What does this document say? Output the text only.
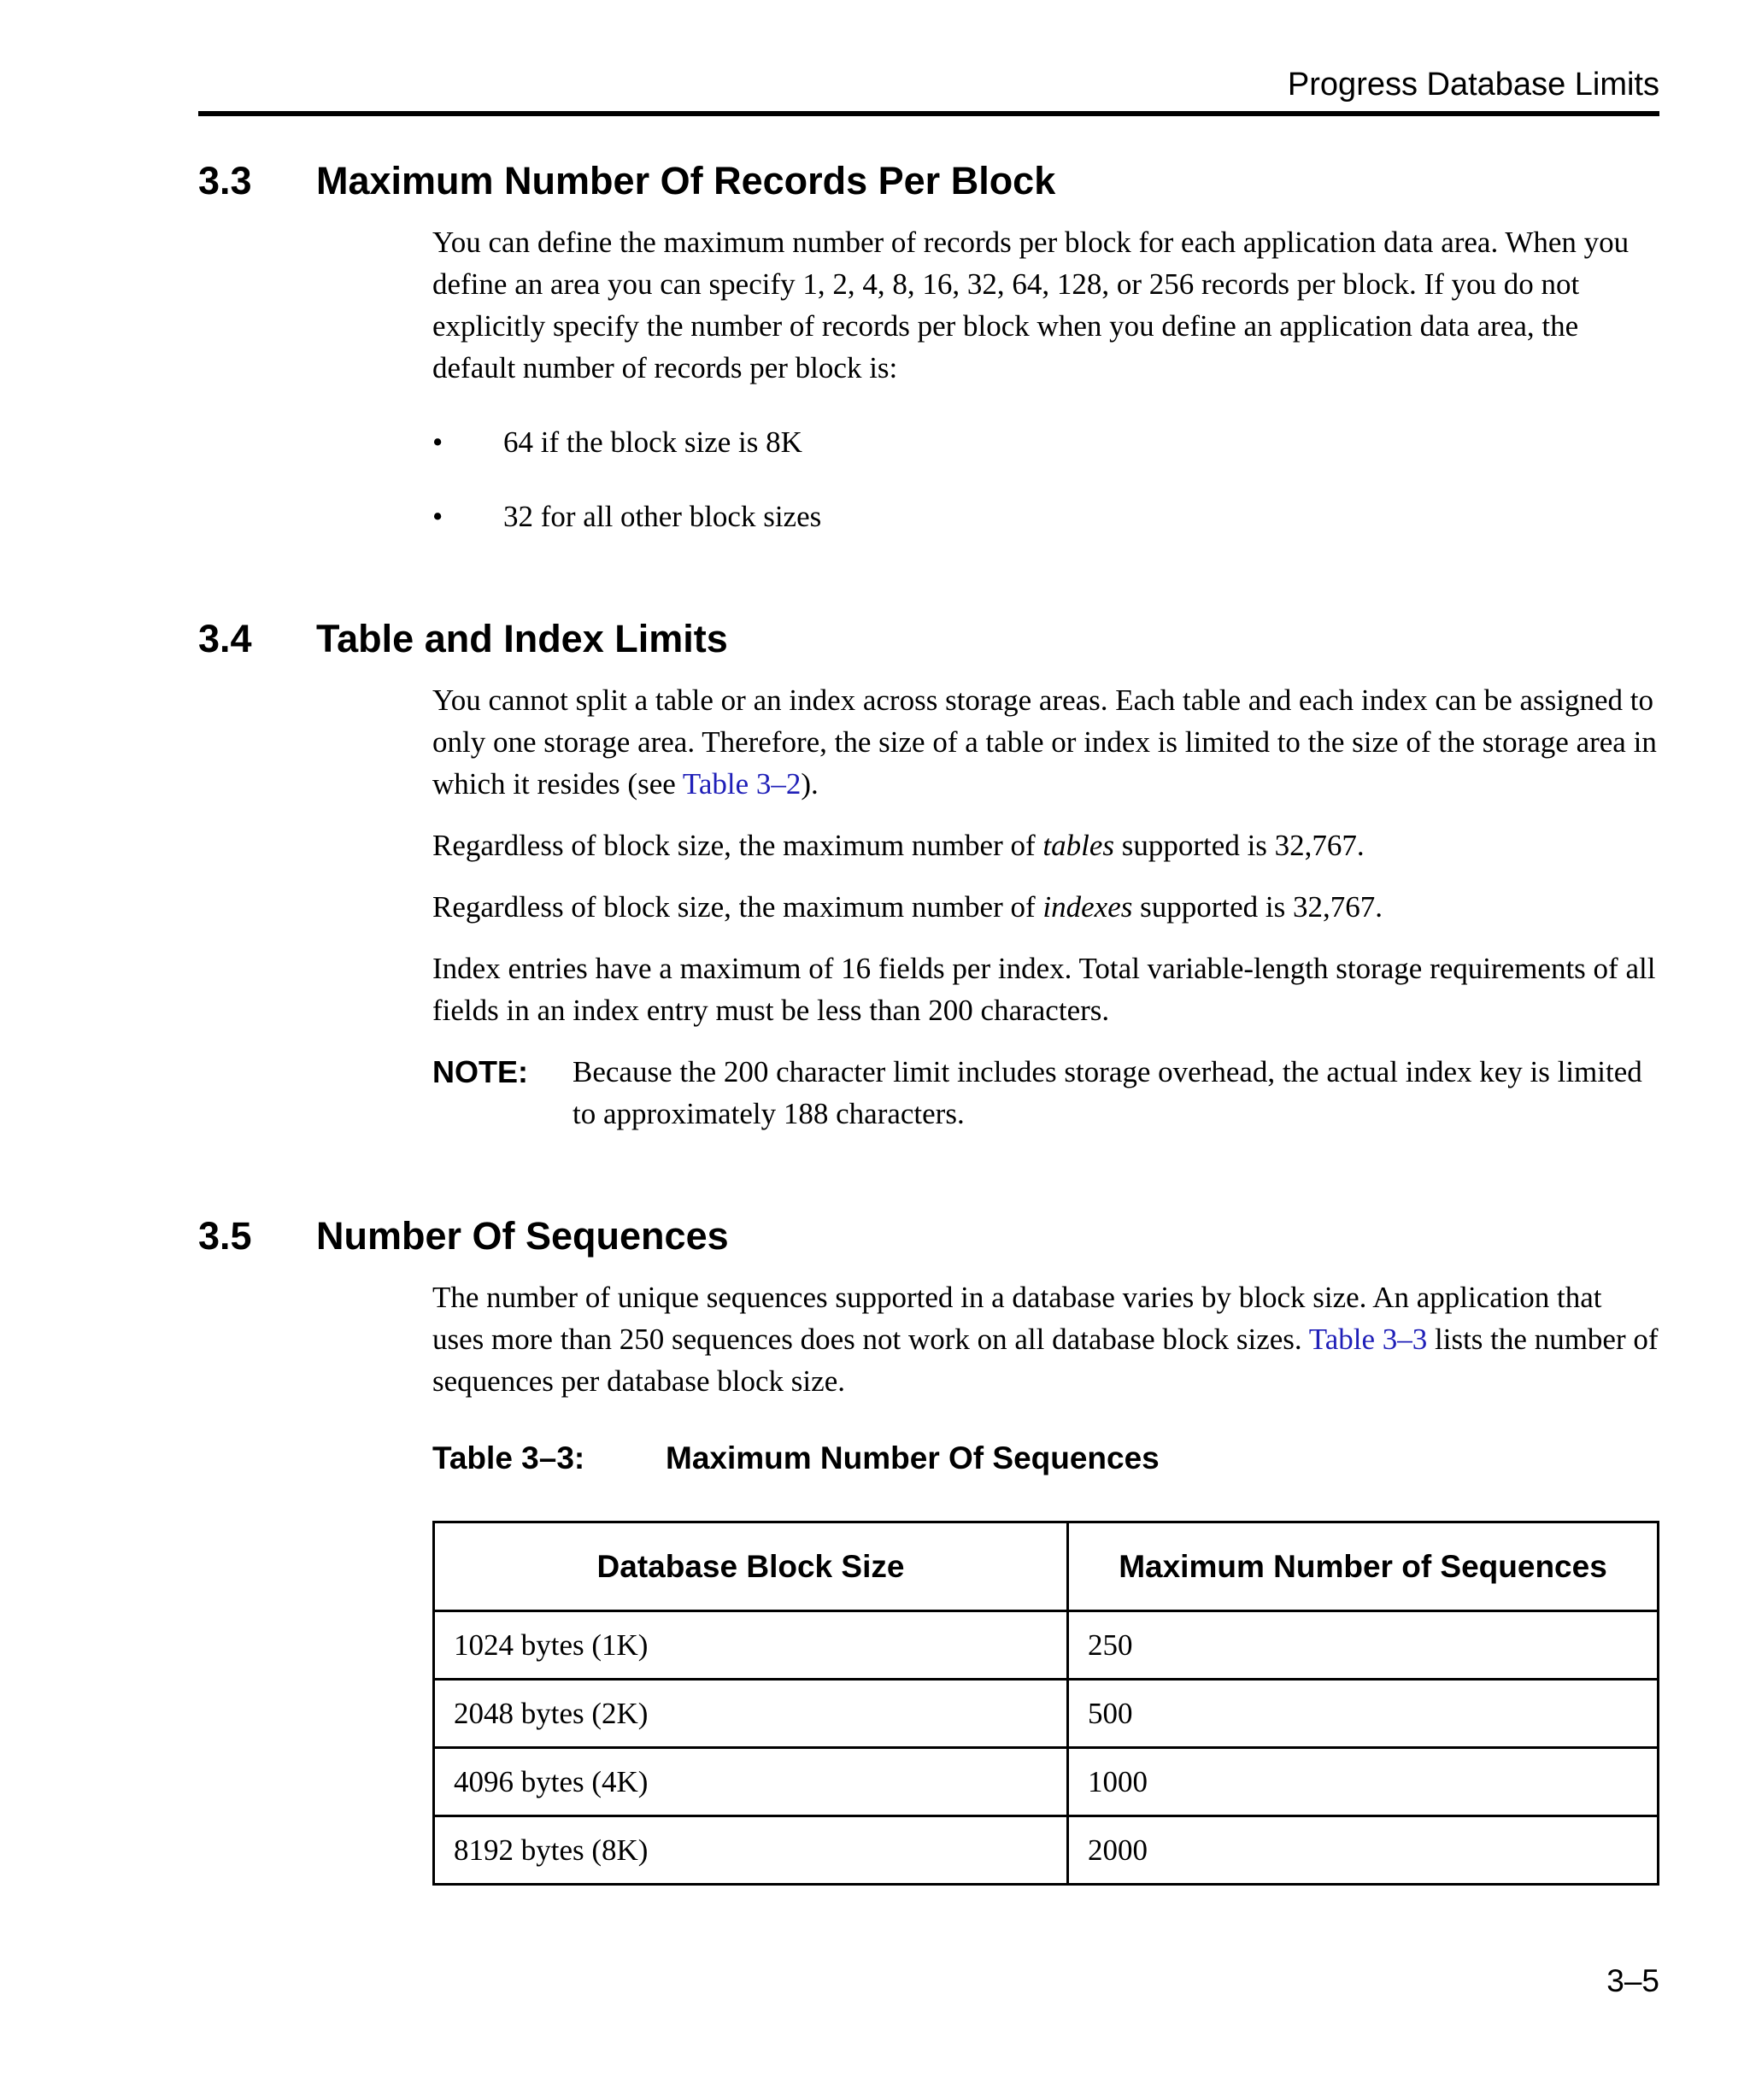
Progress Database Limits
3.3 Maximum Number Of Records Per Block

You can define the maximum number of records per block for each application data area. When you define an area you can specify 1, 2, 4, 8, 16, 32, 64, 128, or 256 records per block. If you do not explicitly specify the number of records per block when you define an application data area, the default number of records per block is:

• 64 if the block size is 8K
• 32 for all other block sizes
3.4 Table and Index Limits

You cannot split a table or an index across storage areas. Each table and each index can be assigned to only one storage area. Therefore, the size of a table or index is limited to the size of the storage area in which it resides (see Table 3–2).

Regardless of block size, the maximum number of tables supported is 32,767.

Regardless of block size, the maximum number of indexes supported is 32,767.

Index entries have a maximum of 16 fields per index. Total variable-length storage requirements of all fields in an index entry must be less than 200 characters.

NOTE:	Because the 200 character limit includes storage overhead, the actual index key is limited to approximately 188 characters.
3.5 Number Of Sequences

The number of unique sequences supported in a database varies by block size. An application that uses more than 250 sequences does not work on all database block sizes. Table 3–3 lists the number of sequences per database block size.

Table 3–3:	Maximum Number Of Sequences
Database Block Size	Maximum Number of Sequences
1024 bytes (1K)	250
2048 bytes (2K)	500
4096 bytes (4K)	1000
8192 bytes (8K)	2000
3–5
